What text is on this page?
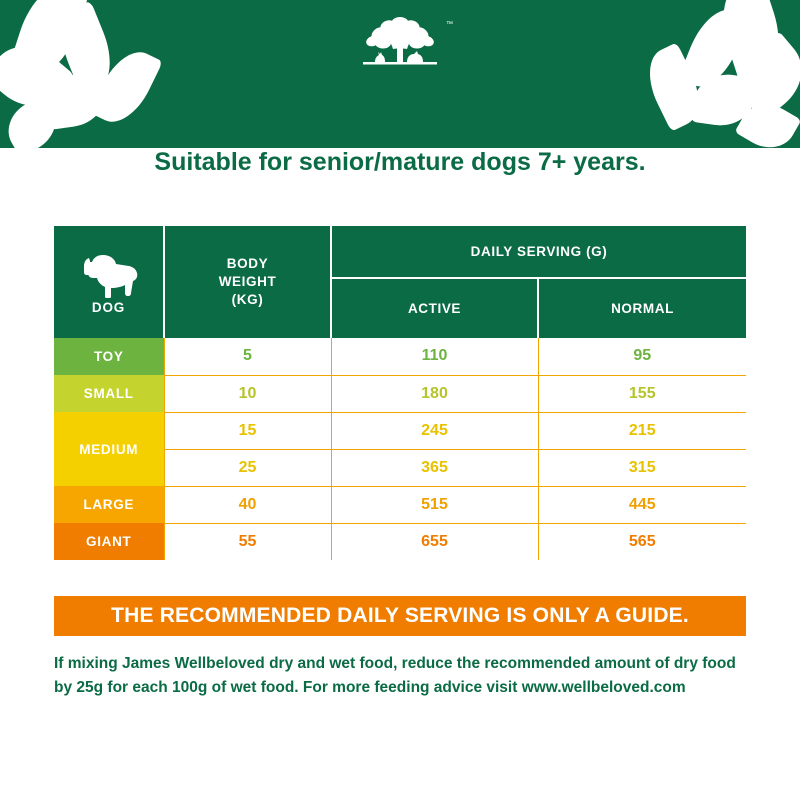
™
FEEDING GUIDELINES
Suitable for senior/mature dogs 7+ years.
DOG	BODY
WEIGHT
(KG)	DAILY SERVING (G)	
		ACTIVE	NORMAL
TOY	5	110	95
SMALL	10	180	155
MEDIUM	15	245	215
	25	365	315
LARGE	40	515	445
GIANT	55	655	565
THE RECOMMENDED DAILY SERVING IS ONLY A GUIDE.
If mixing James Wellbeloved dry and wet food, reduce the recommended amount of dry food by 25g for each 100g of wet food. For more feeding advice visit www.wellbeloved.com
